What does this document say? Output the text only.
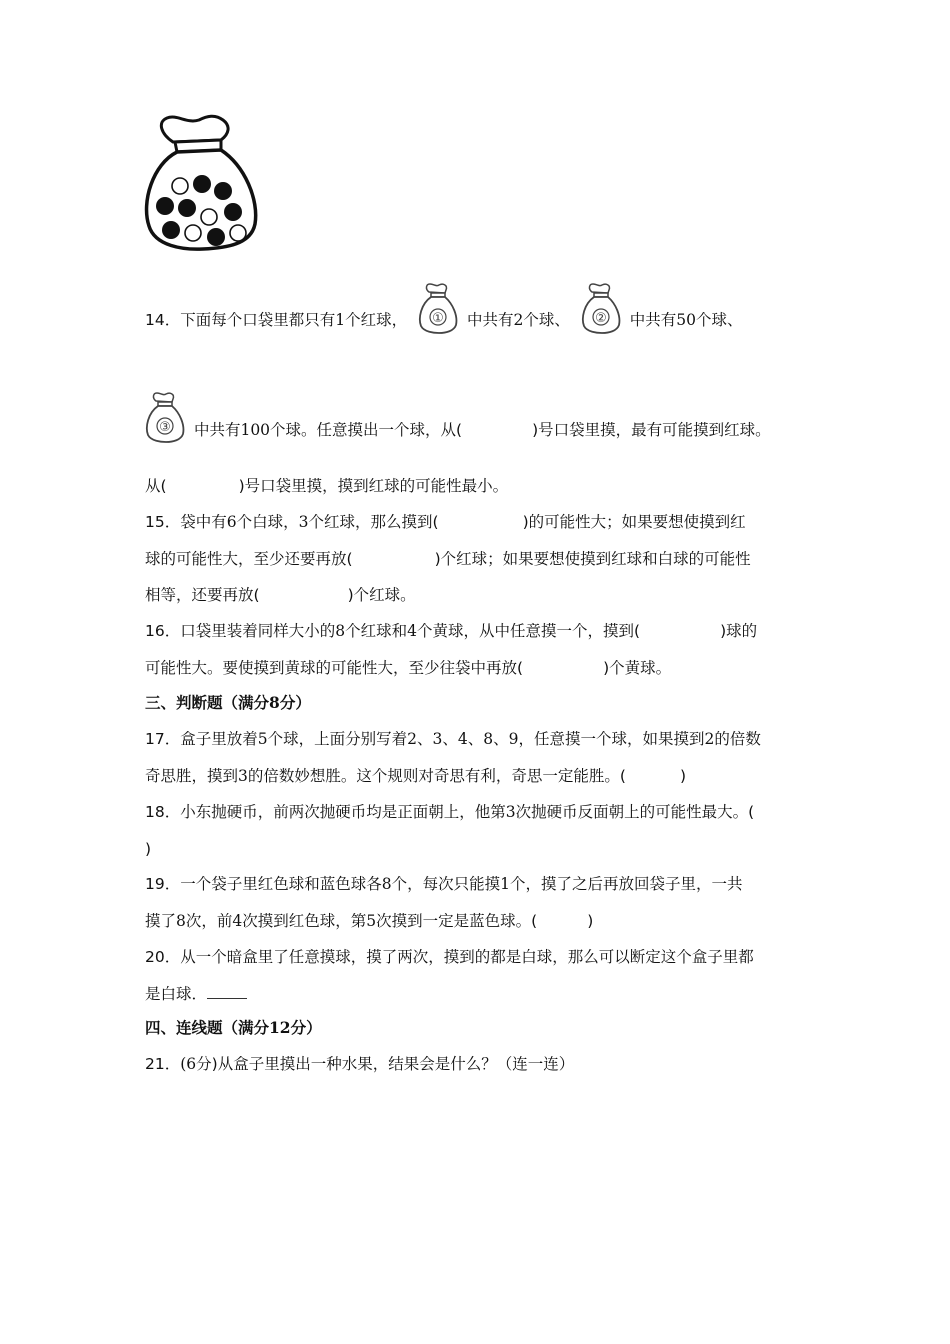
14．下面每个口袋里都只有1个红球， ① 中共有2个球、 ② 中共有50个球、
③ 中共有100个球。任意摸出一个球，从(	)号口袋里摸，最有可能摸到红球。
从(	)号口袋里摸，摸到红球的可能性最小。
15．袋中有6个白球，3个红球，那么摸到(	)的可能性大；如果要想使摸到红
球的可能性大，至少还要再放(	)个红球；如果要想使摸到红球和白球的可能性
相等，还要再放(	)个红球。
16．口袋里装着同样大小的8个红球和4个黄球，从中任意摸一个，摸到(	)球的
可能性大。要使摸到黄球的可能性大，至少往袋中再放(	)个黄球。
三、判断题（满分8分）
17．盒子里放着5个球，上面分别写着2、3、4、8、9，任意摸一个球，如果摸到2的倍数
奇思胜，摸到3的倍数妙想胜。这个规则对奇思有利，奇思一定能胜。(	)
18．小东抛硬币，前两次抛硬币均是正面朝上，他第3次抛硬币反面朝上的可能性最大。(
)
19．一个袋子里红色球和蓝色球各8个，每次只能摸1个，摸了之后再放回袋子里，一共
摸了8次，前4次摸到红色球，第5次摸到一定是蓝色球。(	)
20．从一个暗盒里了任意摸球，摸了两次，摸到的都是白球，那么可以断定这个盒子里都
是白球．
四、连线题（满分12分）
21．(6分)从盒子里摸出一种水果，结果会是什么？（连一连）
